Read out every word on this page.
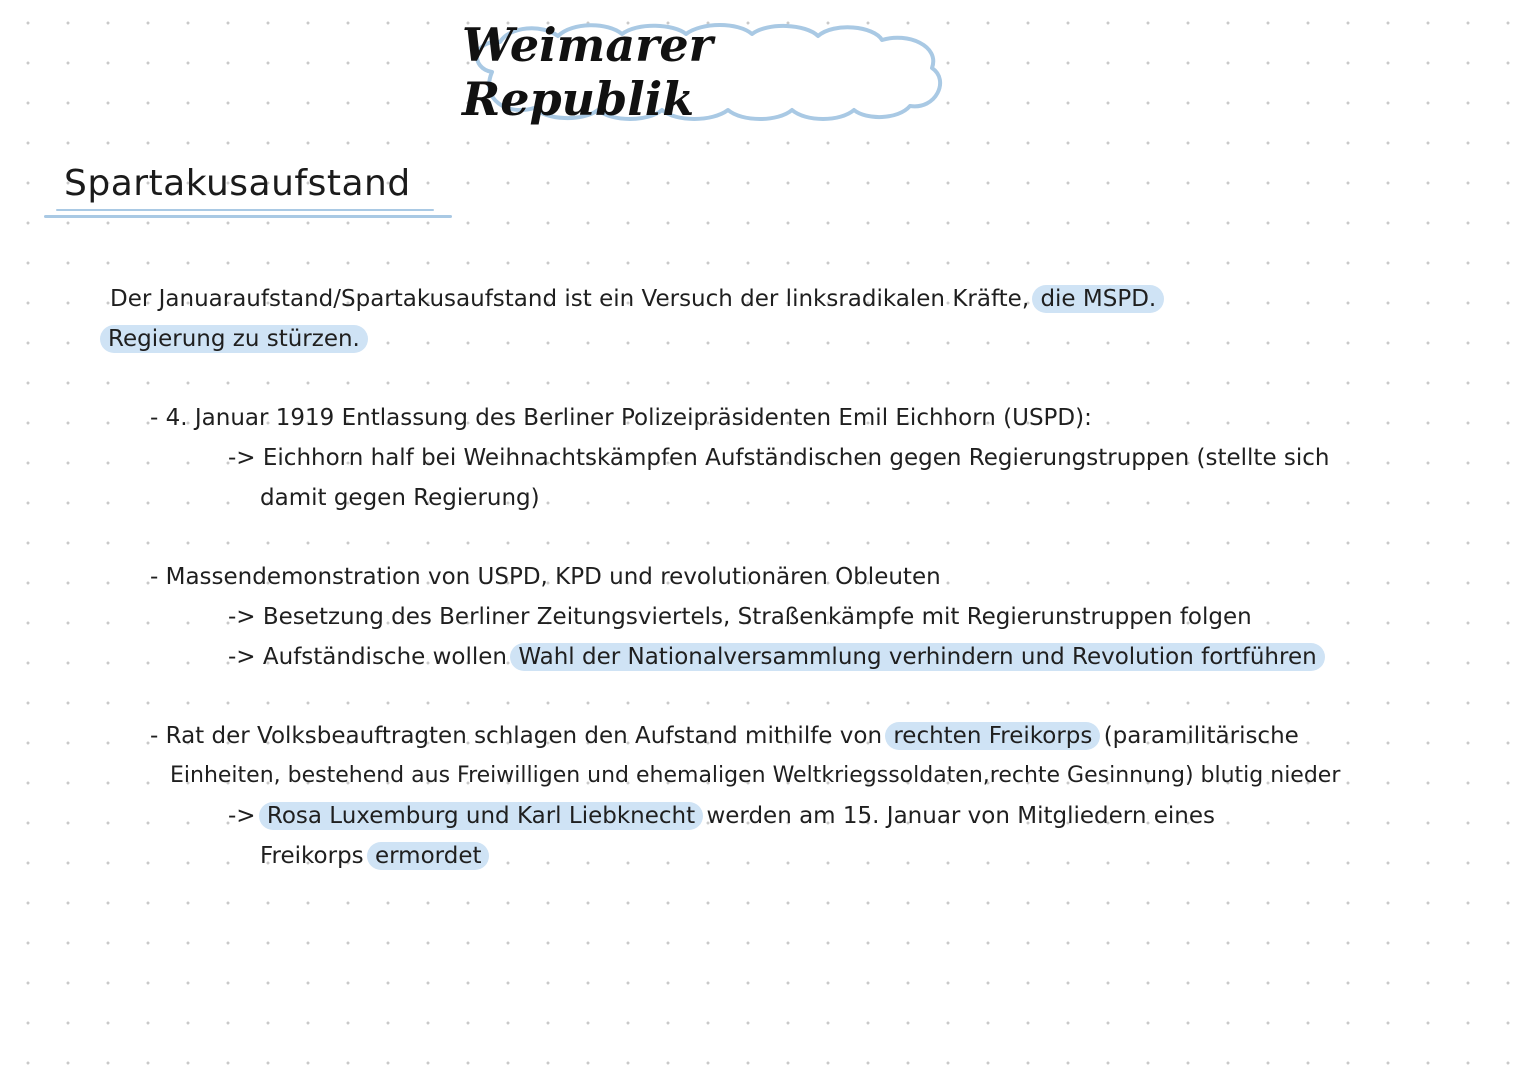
Weimarer Republik
Spartakusaufstand
Der Januaraufstand/Spartakusaufstand ist ein Versuch der linksradikalen Kräfte, die MSPD.
Regierung zu stürzen.
- 4. Januar 1919 Entlassung des Berliner Polizeipräsidenten Emil Eichhorn (USPD):
-> Eichhorn half bei Weihnachtskämpfen Aufständischen gegen Regierungstruppen (stellte sich
damit gegen Regierung)
- Massendemonstration von USPD, KPD und revolutionären Obleuten
-> Besetzung des Berliner Zeitungsviertels, Straßenkämpfe mit Regierunstruppen folgen
-> Aufständische wollen Wahl der Nationalversammlung verhindern und Revolution fortführen
- Rat der Volksbeauftragten schlagen den Aufstand mithilfe von rechten Freikorps (paramilitärische
Einheiten, bestehend aus Freiwilligen und ehemaligen Weltkriegssoldaten,rechte Gesinnung) blutig nieder
-> Rosa Luxemburg und Karl Liebknecht werden am 15. Januar von Mitgliedern eines
Freikorps ermordet
